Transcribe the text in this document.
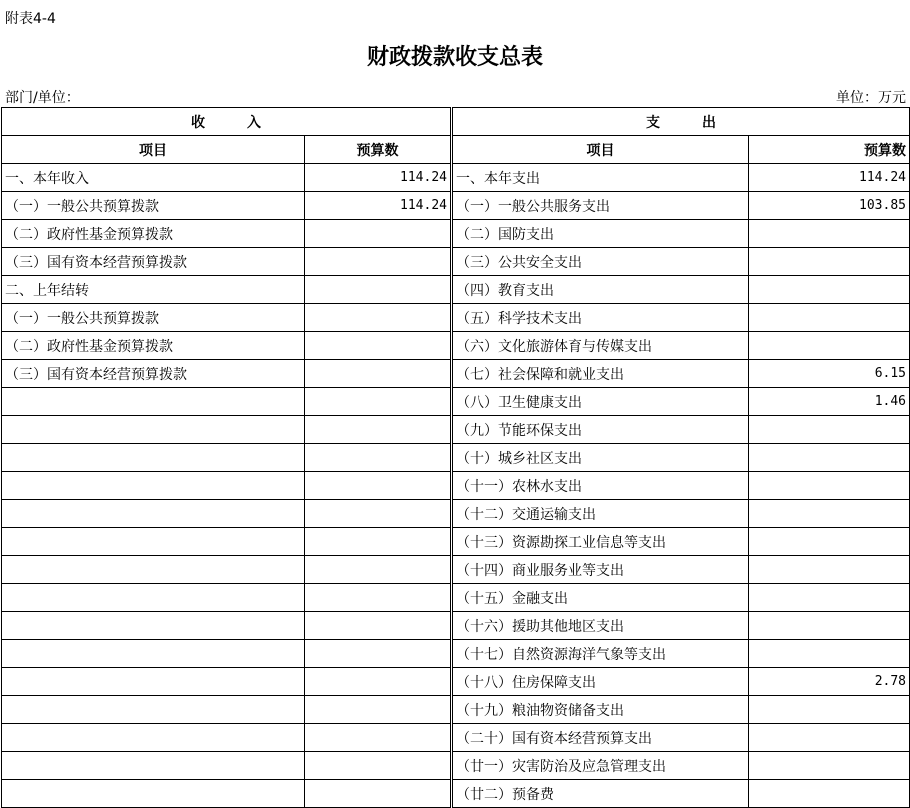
附表4-4
财政拨款收支总表
部门/单位：	单位：万元
收　　　入			支　　　出	
项目	预算数		项目	预算数
一、本年收入	114.24		一、本年支出	114.24
（一）一般公共预算拨款	114.24		（一）一般公共服务支出	103.85
（二）政府性基金预算拨款			（二）国防支出	
（三）国有资本经营预算拨款			（三）公共安全支出	
二、上年结转			（四）教育支出	
（一）一般公共预算拨款			（五）科学技术支出	
（二）政府性基金预算拨款			（六）文化旅游体育与传媒支出	
（三）国有资本经营预算拨款			（七）社会保障和就业支出	6.15
			（八）卫生健康支出	1.46
			（九）节能环保支出	
			（十）城乡社区支出	
			（十一）农林水支出	
			（十二）交通运输支出	
			（十三）资源勘探工业信息等支出	
			（十四）商业服务业等支出	
			（十五）金融支出	
			（十六）援助其他地区支出	
			（十七）自然资源海洋气象等支出	
			（十八）住房保障支出	2.78
			（十九）粮油物资储备支出	
			（二十）国有资本经营预算支出	
			（廿一）灾害防治及应急管理支出	
			（廿二）预备费	
